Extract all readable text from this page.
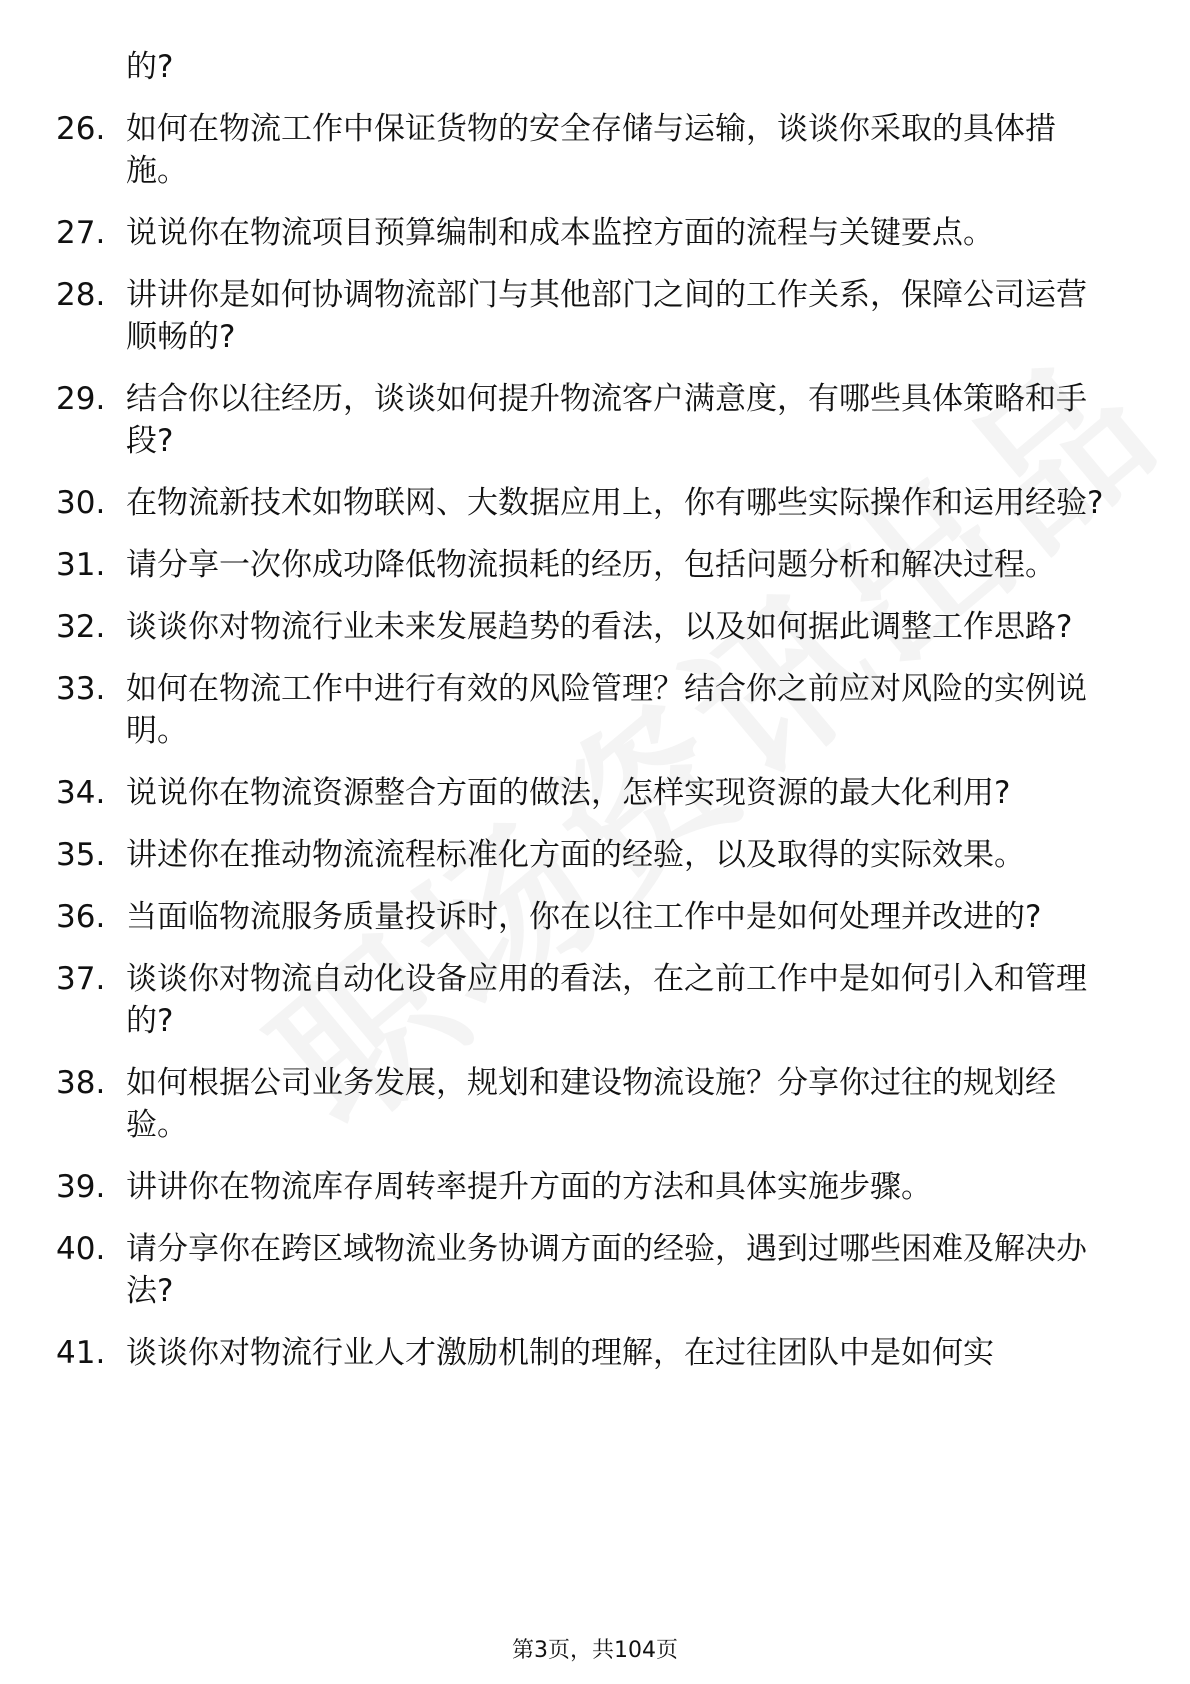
的?

26. 如何在物流工作中保证货物的安全存储与运输，谈谈你采取的具体措施。
27. 说说你在物流项目预算编制和成本监控方面的流程与关键要点。
28. 讲讲你是如何协调物流部门与其他部门之间的工作关系，保障公司运营顺畅的?
29. 结合你以往经历，谈谈如何提升物流客户满意度，有哪些具体策略和手段?
30. 在物流新技术如物联网、大数据应用上，你有哪些实际操作和运用经验?
31. 请分享一次你成功降低物流损耗的经历，包括问题分析和解决过程。
32. 谈谈你对物流行业未来发展趋势的看法，以及如何据此调整工作思路?
33. 如何在物流工作中进行有效的风险管理？结合你之前应对风险的实例说明。
34. 说说你在物流资源整合方面的做法，怎样实现资源的最大化利用?
35. 讲述你在推动物流流程标准化方面的经验，以及取得的实际效果。
36. 当面临物流服务质量投诉时，你在以往工作中是如何处理并改进的?
37. 谈谈你对物流自动化设备应用的看法，在之前工作中是如何引入和管理的?
38. 如何根据公司业务发展，规划和建设物流设施？分享你过往的规划经验。
39. 讲讲你在物流库存周转率提升方面的方法和具体实施步骤。
40. 请分享你在跨区域物流业务协调方面的经验，遇到过哪些困难及解决办法?
41. 谈谈你对物流行业人才激励机制的理解，在过往团队中是如何实
第3页，共104页
